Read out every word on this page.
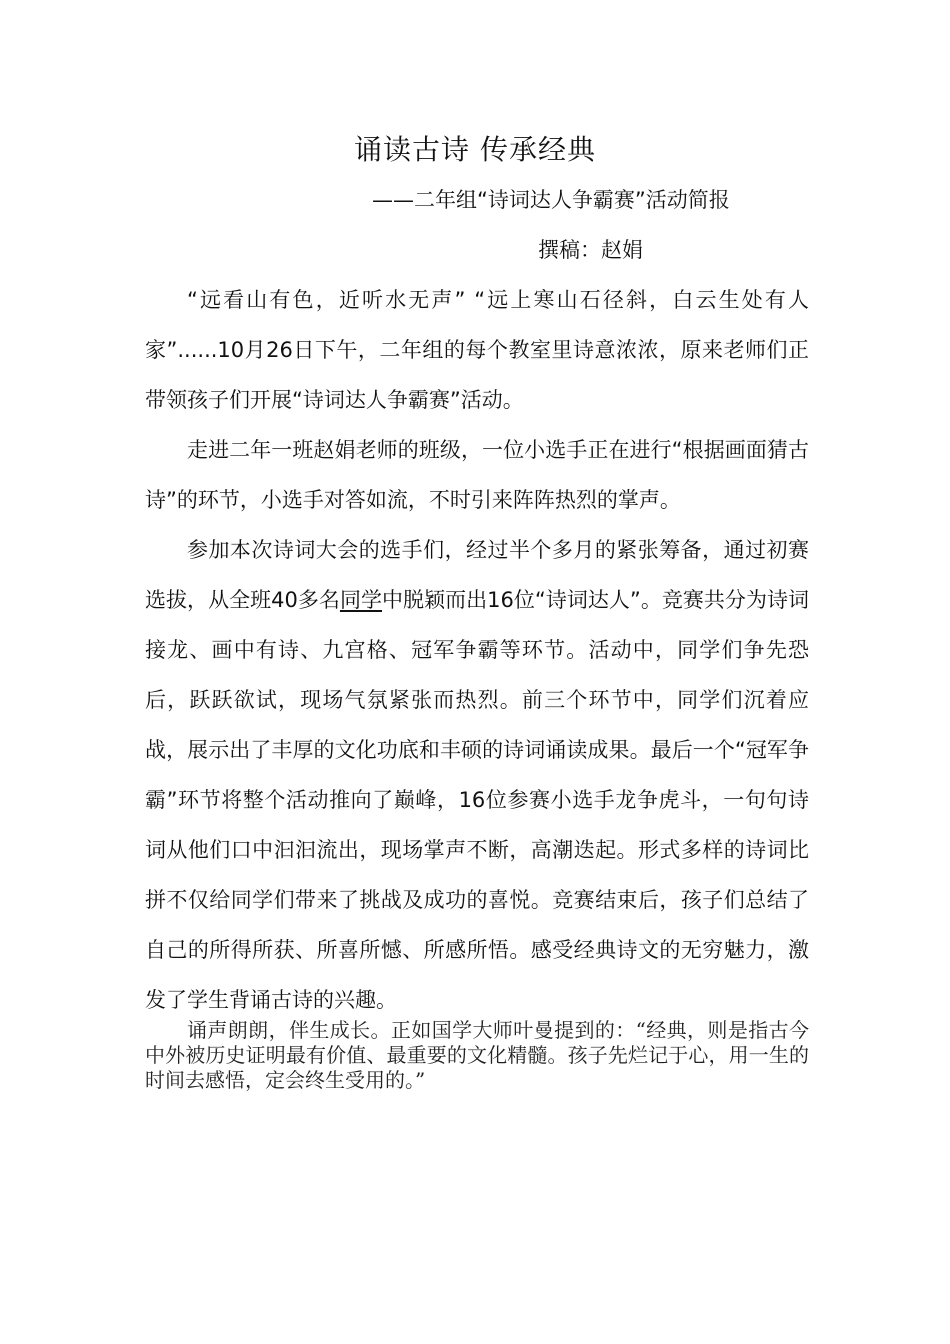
诵读古诗 传承经典
——二年组“诗词达人争霸赛”活动简报
撰稿：赵娟

“远看山有色，近听水无声” “远上寒山石径斜，白云生处有人家”......10月26日下午，二年组的每个教室里诗意浓浓，原来老师们正带领孩子们开展“诗词达人争霸赛”活动。

走进二年一班赵娟老师的班级，一位小选手正在进行“根据画面猜古诗”的环节，小选手对答如流，不时引来阵阵热烈的掌声。

参加本次诗词大会的选手们，经过半个多月的紧张筹备，通过初赛选拔，从全班40多名同学中脱颖而出16位“诗词达人”。竞赛共分为诗词接龙、画中有诗、九宫格、冠军争霸等环节。活动中，同学们争先恐后，跃跃欲试，现场气氛紧张而热烈。前三个环节中，同学们沉着应战，展示出了丰厚的文化功底和丰硕的诗词诵读成果。最后一个“冠军争霸”环节将整个活动推向了巅峰，16位参赛小选手龙争虎斗，一句句诗词从他们口中汩汩流出，现场掌声不断，高潮迭起。形式多样的诗词比拼不仅给同学们带来了挑战及成功的喜悦。竞赛结束后，孩子们总结了自己的所得所获、所喜所憾、所感所悟。感受经典诗文的无穷魅力，激发了学生背诵古诗的兴趣。

诵声朗朗，伴生成长。正如国学大师叶曼提到的：“经典，则是指古今中外被历史证明最有价值、最重要的文化精髓。孩子先烂记于心，用一生的时间去感悟，定会终生受用的。”
